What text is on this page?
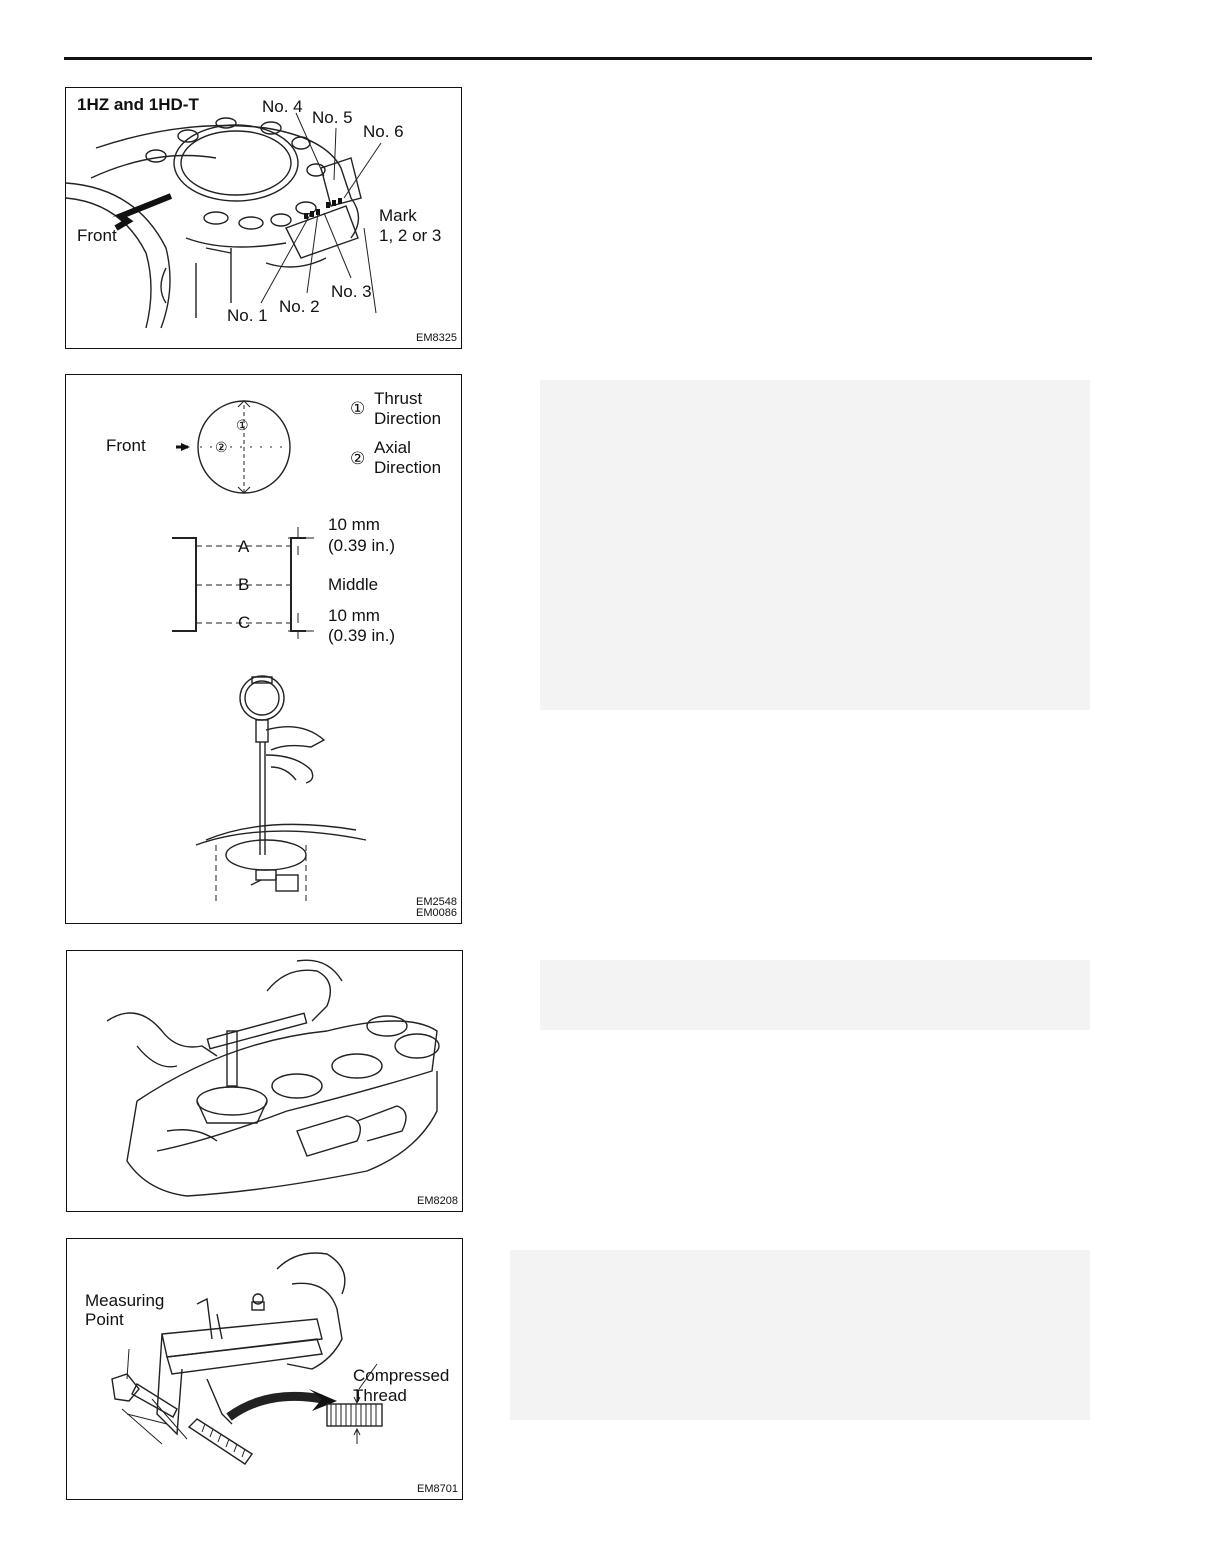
1HZ and 1HD-T	No. 4
No. 5
No. 6
Mark
1, 2 or 3
Front
No. 3
No. 2
No. 1
EM8325
Front
①
②
①
Thrust
Direction
②
Axial
Direction
A
B
C
10 mm
(0.39 in.)
Middle
10 mm
(0.39 in.)
EM2548
EM0086
EM8208
Measuring
Point
Compressed
Thread
EM8701
